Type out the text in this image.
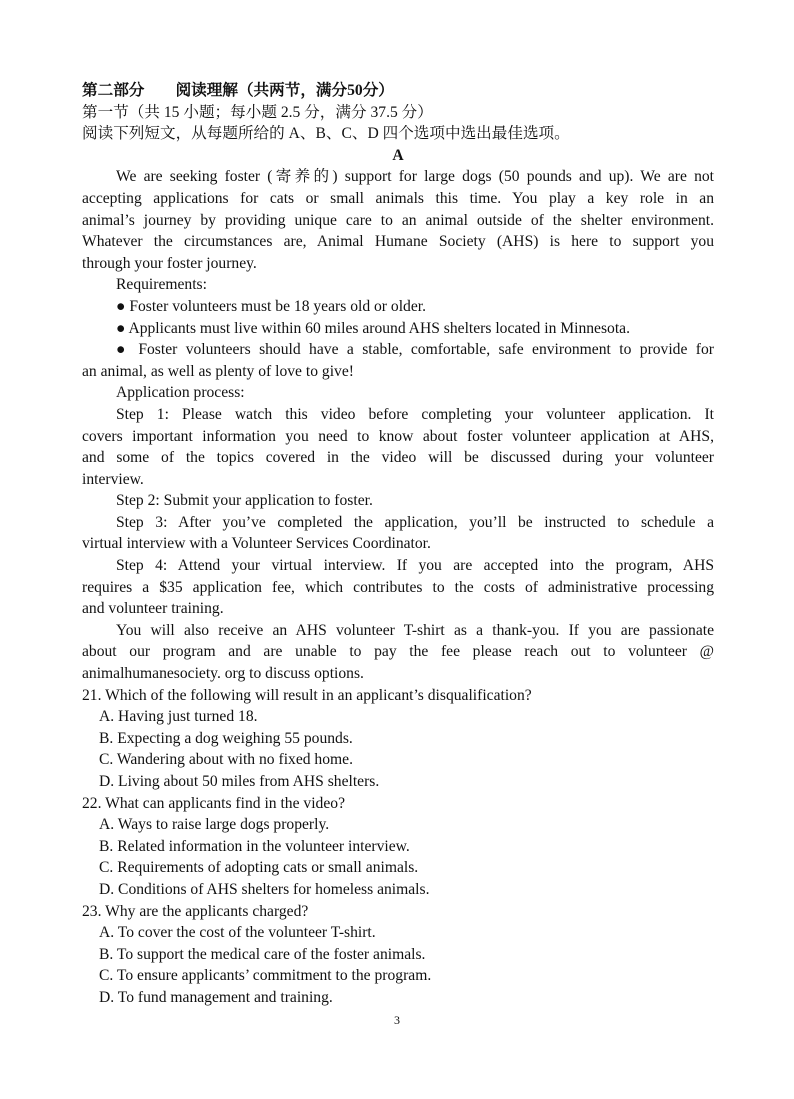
第二部分　　阅读理解（共两节，满分50分）
第一节（共 15 小题；每小题 2.5 分，满分 37.5 分）
阅读下列短文，从每题所给的 A、B、C、D 四个选项中选出最佳选项。
A
We are seeking foster (寄养的) support for large dogs (50 pounds and up). We are not
accepting applications for cats or small animals this time. You play a key role in an
animal’s journey by providing unique care to an animal outside of the shelter environment.
Whatever the circumstances are, Animal Humane Society (AHS) is here to support you
through your foster journey.
Requirements:
● Foster volunteers must be 18 years old or older.
● Applicants must live within 60 miles around AHS shelters located in Minnesota.
● Foster volunteers should have a stable, comfortable, safe environment to provide for
an animal, as well as plenty of love to give!
Application process:
Step 1: Please watch this video before completing your volunteer application. It
covers important information you need to know about foster volunteer application at AHS,
and some of the topics covered in the video will be discussed during your volunteer
interview.
Step 2: Submit your application to foster.
Step 3: After you’ve completed the application, you’ll be instructed to schedule a
virtual interview with a Volunteer Services Coordinator.
Step 4: Attend your virtual interview. If you are accepted into the program, AHS
requires a $35 application fee, which contributes to the costs of administrative processing
and volunteer training.
You will also receive an AHS volunteer T-shirt as a thank-you. If you are passionate
about our program and are unable to pay the fee please reach out to volunteer @
animalhumanesociety. org to discuss options.
21. Which of the following will result in an applicant’s disqualification?
A. Having just turned 18.
B. Expecting a dog weighing 55 pounds.
C. Wandering about with no fixed home.
D. Living about 50 miles from AHS shelters.
22. What can applicants find in the video?
A. Ways to raise large dogs properly.
B. Related information in the volunteer interview.
C. Requirements of adopting cats or small animals.
D. Conditions of AHS shelters for homeless animals.
23. Why are the applicants charged?
A. To cover the cost of the volunteer T-shirt.
B. To support the medical care of the foster animals.
C. To ensure applicants’ commitment to the program.
D. To fund management and training.
3
